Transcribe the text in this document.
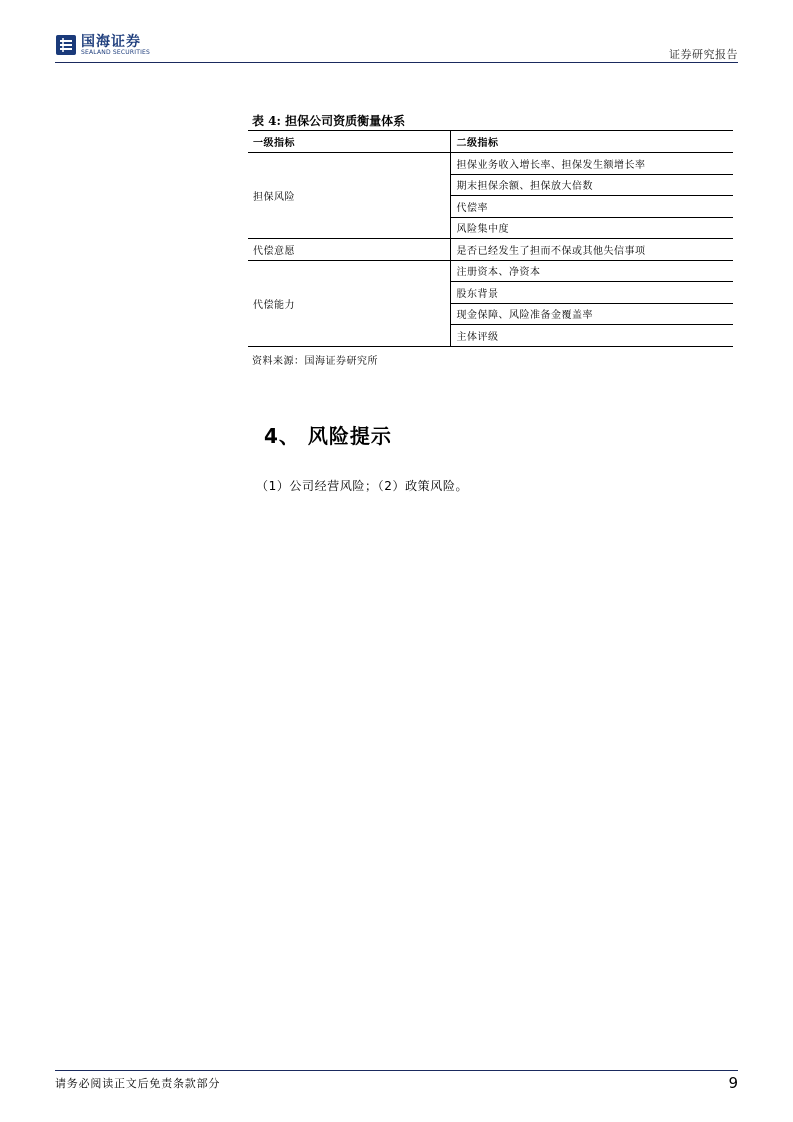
国海证券
SEALAND SECURITIES	证券研究报告
表 4: 担保公司资质衡量体系
一级指标	二级指标
担保风险	担保业务收入增长率、担保发生额增长率
	期末担保余额、担保放大倍数
	代偿率
	风险集中度
代偿意愿	是否已经发生了担而不保或其他失信事项
代偿能力	注册资本、净资本
	股东背景
	现金保障、风险准备金覆盖率
	主体评级
资料来源：国海证券研究所
4、 风险提示
（1）公司经营风险；（2）政策风险。
请务必阅读正文后免责条款部分	9
